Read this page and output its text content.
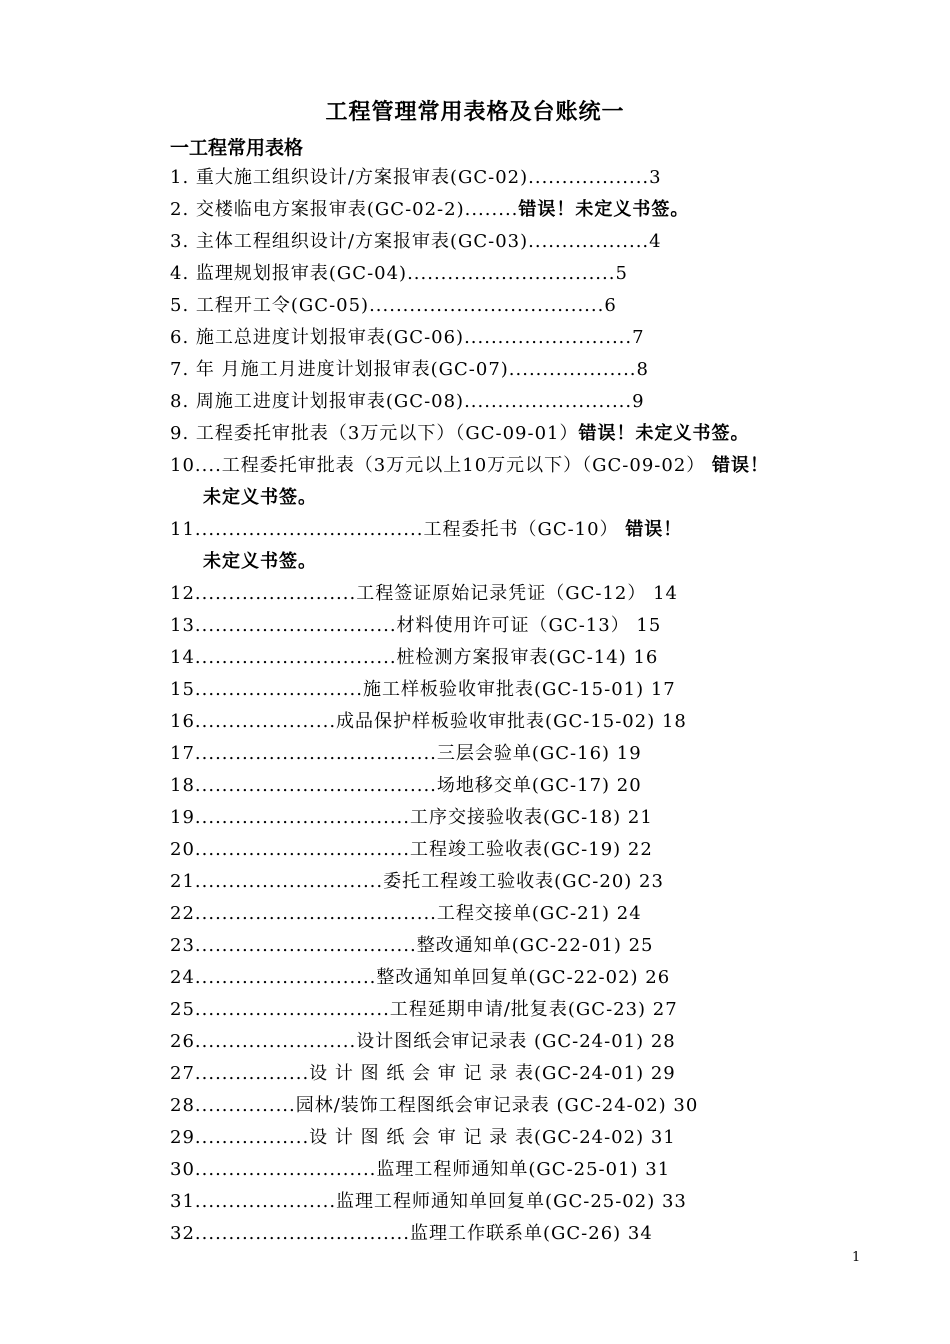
工程管理常用表格及台账统一
一工程常用表格
1. 重大施工组织设计/方案报审表(GC-02)..................3
2. 交楼临电方案报审表(GC-02-2)........错误！未定义书签。
3. 主体工程组织设计/方案报审表(GC-03)..................4
4. 监理规划报审表(GC-04)...............................5
5. 工程开工令(GC-05)...................................6
6. 施工总进度计划报审表(GC-06).........................7
7. 年 月施工月进度计划报审表(GC-07)...................8
8. 周施工进度计划报审表(GC-08).........................9
9. 工程委托审批表（3万元以下）（GC-09-01）错误！未定义书签。
10....工程委托审批表（3万元以上10万元以下）（GC-09-02） 错误！
未定义书签。
11..................................工程委托书（GC-10） 错误！
未定义书签。
12........................工程签证原始记录凭证（GC-12） 14
13..............................材料使用许可证（GC-13） 15
14..............................桩检测方案报审表(GC-14) 16
15.........................施工样板验收审批表(GC-15-01) 17
16.....................成品保护样板验收审批表(GC-15-02) 18
17....................................三层会验单(GC-16) 19
18....................................场地移交单(GC-17) 20
19................................工序交接验收表(GC-18) 21
20................................工程竣工验收表(GC-19) 22
21............................委托工程竣工验收表(GC-20) 23
22....................................工程交接单(GC-21) 24
23.................................整改通知单(GC-22-01) 25
24...........................整改通知单回复单(GC-22-02) 26
25.............................工程延期申请/批复表(GC-23) 27
26........................设计图纸会审记录表 (GC-24-01) 28
27.................设 计 图 纸 会 审 记 录 表(GC-24-01) 29
28...............园林/装饰工程图纸会审记录表 (GC-24-02) 30
29.................设 计 图 纸 会 审 记 录 表(GC-24-02) 31
30...........................监理工程师通知单(GC-25-01) 31
31.....................监理工程师通知单回复单(GC-25-02) 33
32................................监理工作联系单(GC-26) 34
1
